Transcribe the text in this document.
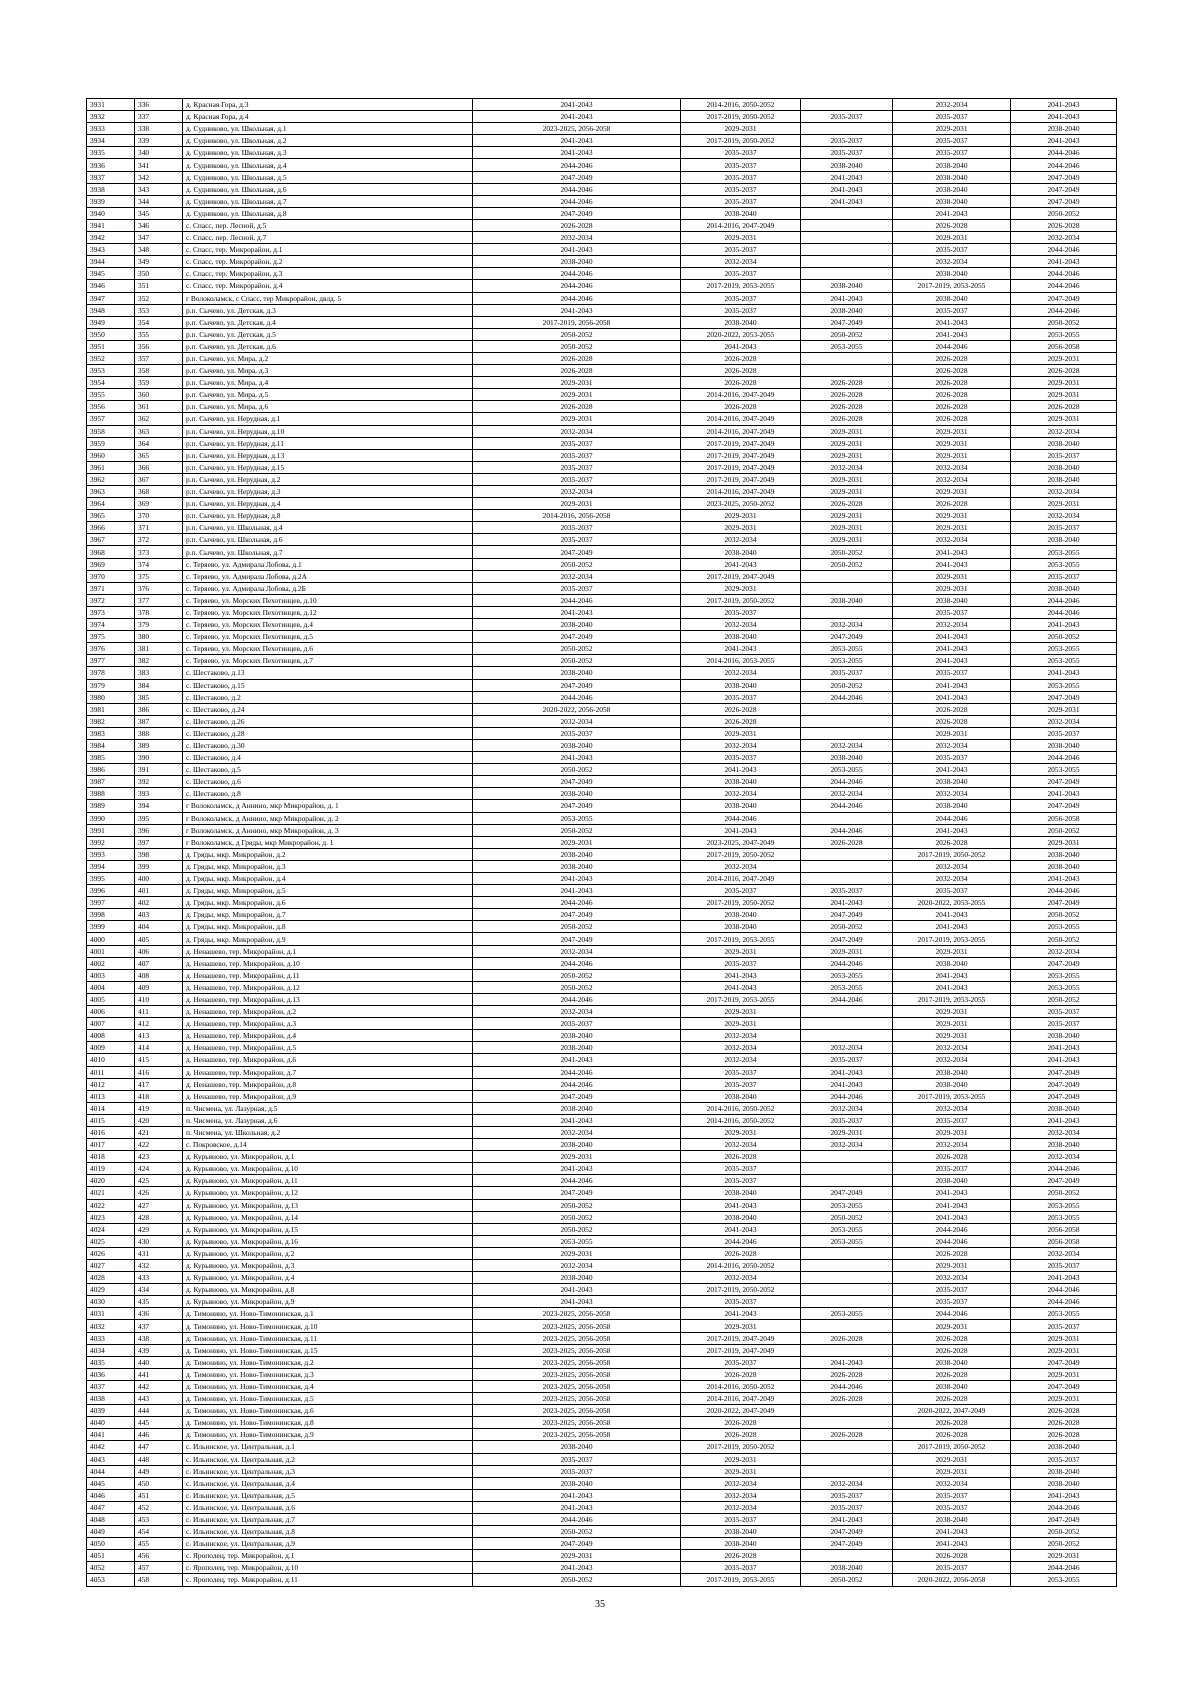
3931	336	д. Красная Гора, д.3	2041-2043	2014-2016, 2050-2052		2032-2034	2041-2043
3932	337	д. Красная Гора, д.4	2041-2043	2017-2019, 2050-2052	2035-2037	2035-2037	2041-2043
3933	338	д. Судниково, ул. Школьная, д.1	2023-2025, 2056-2058	2029-2031		2029-2031	2038-2040
3934	339	д. Судниково, ул. Школьная, д.2	2041-2043	2017-2019, 2050-2052	2035-2037	2035-2037	2041-2043
3935	340	д. Судниково, ул. Школьная, д.3	2041-2043	2035-2037	2035-2037	2035-2037	2044-2046
3936	341	д. Судниково, ул. Школьная, д.4	2044-2046	2035-2037	2038-2040	2038-2040	2044-2046
3937	342	д. Судниково, ул. Школьная, д.5	2047-2049	2035-2037	2041-2043	2038-2040	2047-2049
3938	343	д. Судниково, ул. Школьная, д.6	2044-2046	2035-2037	2041-2043	2038-2040	2047-2049
3939	344	д. Судниково, ул. Школьная, д.7	2044-2046	2035-2037	2041-2043	2038-2040	2047-2049
3940	345	д. Судниково, ул. Школьная, д.8	2047-2049	2038-2040		2041-2043	2050-2052
3941	346	с. Спасс, пер. Лесной, д.5	2026-2028	2014-2016, 2047-2049		2026-2028	2026-2028
3942	347	с. Спасс, пер. Лесной, д.7	2032-2034	2029-2031		2029-2031	2032-2034
3943	348	с. Спасс, тер. Микрорайон, д.1	2041-2043	2035-2037		2035-2037	2044-2046
3944	349	с. Спасс, тер. Микрорайон, д.2	2038-2040	2032-2034		2032-2034	2041-2043
3945	350	с. Спасс, тер. Микрорайон, д.3	2044-2046	2035-2037		2038-2040	2044-2046
3946	351	с. Спасс, тер. Микрорайон, д.4	2044-2046	2017-2019, 2053-2055	2038-2040	2017-2019, 2053-2055	2044-2046
3947	352	г Волоколамск, с Спасс, тер Микрорайон, двлд. 5	2044-2046	2035-2037	2041-2043	2038-2040	2047-2049
3948	353	р.п. Сычево, ул. Детская, д.3	2041-2043	2035-2037	2038-2040	2035-2037	2044-2046
3949	354	р.п. Сычево, ул. Детская, д.4	2017-2019, 2056-2058	2038-2040	2047-2049	2041-2043	2050-2052
3950	355	р.п. Сычево, ул. Детская, д.5	2050-2052	2020-2022, 2053-2055	2050-2052	2041-2043	2053-2055
3951	356	р.п. Сычево, ул. Детская, д.6	2050-2052	2041-2043	2053-2055	2044-2046	2056-2058
3952	357	р.п. Сычево, ул. Мира, д.2	2026-2028	2026-2028		2026-2028	2029-2031
3953	358	р.п. Сычево, ул. Мира, д.3	2026-2028	2026-2028		2026-2028	2026-2028
3954	359	р.п. Сычево, ул. Мира, д.4	2029-2031	2026-2028	2026-2028	2026-2028	2029-2031
3955	360	р.п. Сычево, ул. Мира, д.5	2029-2031	2014-2016, 2047-2049	2026-2028	2026-2028	2029-2031
3956	361	р.п. Сычево, ул. Мира, д.6	2026-2028	2026-2028	2026-2028	2026-2028	2026-2028
3957	362	р.п. Сычево, ул. Нерудная, д.1	2029-2031	2014-2016, 2047-2049	2026-2028	2026-2028	2029-2031
3958	363	р.п. Сычево, ул. Нерудная, д.10	2032-2034	2014-2016, 2047-2049	2029-2031	2029-2031	2032-2034
3959	364	р.п. Сычево, ул. Нерудная, д.11	2035-2037	2017-2019, 2047-2049	2029-2031	2029-2031	2038-2040
3960	365	р.п. Сычево, ул. Нерудная, д.13	2035-2037	2017-2019, 2047-2049	2029-2031	2029-2031	2035-2037
3961	366	р.п. Сычево, ул. Нерудная, д.15	2035-2037	2017-2019, 2047-2049	2032-2034	2032-2034	2038-2040
3962	367	р.п. Сычево, ул. Нерудная, д.2	2035-2037	2017-2019, 2047-2049	2029-2031	2032-2034	2038-2040
3963	368	р.п. Сычево, ул. Нерудная, д.3	2032-2034	2014-2016, 2047-2049	2029-2031	2029-2031	2032-2034
3964	369	р.п. Сычево, ул. Нерудная, д.4	2029-2031	2023-2025, 2050-2052	2026-2028	2026-2028	2029-2031
3965	370	р.п. Сычево, ул. Нерудная, д.8	2014-2016, 2056-2058	2029-2031	2029-2031	2029-2031	2032-2034
3966	371	р.п. Сычево, ул. Школьная, д.4	2035-2037	2029-2031	2029-2031	2029-2031	2035-2037
3967	372	р.п. Сычево, ул. Школьная, д.6	2035-2037	2032-2034	2029-2031	2032-2034	2038-2040
3968	373	р.п. Сычево, ул. Школьная, д.7	2047-2049	2038-2040	2050-2052	2041-2043	2053-2055
3969	374	с. Теряево, ул. Адмирала Лобова, д.1	2050-2052	2041-2043	2050-2052	2041-2043	2053-2055
3970	375	с. Теряево, ул. Адмирала Лобова, д.2А	2032-2034	2017-2019, 2047-2049		2029-2031	2035-2037
3971	376	с. Теряево, ул. Адмирала Лобова, д.2Б	2035-2037	2029-2031		2029-2031	2038-2040
3972	377	с. Теряево, ул. Морских Пехотинцев, д.10	2044-2046	2017-2019, 2050-2052	2038-2040	2038-2040	2044-2046
3973	378	с. Теряево, ул. Морских Пехотинцев, д.12	2041-2043	2035-2037		2035-2037	2044-2046
3974	379	с. Теряево, ул. Морских Пехотинцев, д.4	2038-2040	2032-2034	2032-2034	2032-2034	2041-2043
3975	380	с. Теряево, ул. Морских Пехотинцев, д.5	2047-2049	2038-2040	2047-2049	2041-2043	2050-2052
3976	381	с. Теряево, ул. Морских Пехотинцев, д.6	2050-2052	2041-2043	2053-2055	2041-2043	2053-2055
3977	382	с. Теряево, ул. Морских Пехотинцев, д.7	2050-2052	2014-2016, 2053-2055	2053-2055	2041-2043	2053-2055
3978	383	с. Шестаково, д.13	2038-2040	2032-2034	2035-2037	2035-2037	2041-2043
3979	384	с. Шестаково, д.15	2047-2049	2038-2040	2050-2052	2041-2043	2053-2055
3980	385	с. Шестаково, д.2	2044-2046	2035-2037	2044-2046	2041-2043	2047-2049
3981	386	с. Шестаково, д.24	2020-2022, 2056-2058	2026-2028		2026-2028	2029-2031
3982	387	с. Шестаково, д.26	2032-2034	2026-2028		2026-2028	2032-2034
3983	388	с. Шестаково, д.28	2035-2037	2029-2031		2029-2031	2035-2037
3984	389	с. Шестаково, д.30	2038-2040	2032-2034	2032-2034	2032-2034	2038-2040
3985	390	с. Шестаково, д.4	2041-2043	2035-2037	2038-2040	2035-2037	2044-2046
3986	391	с. Шестаково, д.5	2050-2052	2041-2043	2053-2055	2041-2043	2053-2055
3987	392	с. Шестаково, д.6	2047-2049	2038-2040	2044-2046	2038-2040	2047-2049
3988	393	с. Шестаково, д.8	2038-2040	2032-2034	2032-2034	2032-2034	2041-2043
3989	394	г Волоколамск, д Аннино, мкр Микрорайон, д. 1	2047-2049	2038-2040	2044-2046	2038-2040	2047-2049
3990	395	г Волоколамск, д Аннино, мкр Микрорайон, д. 2	2053-2055	2044-2046		2044-2046	2056-2058
3991	396	г Волоколамск, д Аннино, мкр Микрорайон, д. 3	2050-2052	2041-2043	2044-2046	2041-2043	2050-2052
3992	397	г Волоколамск, д Гряды, мкр Микрорайон, д. 1	2029-2031	2023-2025, 2047-2049	2026-2028	2026-2028	2029-2031
3993	398	д. Гряды, мкр. Микрорайон, д.2	2038-2040	2017-2019, 2050-2052		2017-2019, 2050-2052	2038-2040
3994	399	д. Гряды, мкр. Микрорайон, д.3	2038-2040	2032-2034		2032-2034	2038-2040
3995	400	д. Гряды, мкр. Микрорайон, д.4	2041-2043	2014-2016, 2047-2049		2032-2034	2041-2043
3996	401	д. Гряды, мкр. Микрорайон, д.5	2041-2043	2035-2037	2035-2037	2035-2037	2044-2046
3997	402	д. Гряды, мкр. Микрорайон, д.6	2044-2046	2017-2019, 2050-2052	2041-2043	2020-2022, 2053-2055	2047-2049
3998	403	д. Гряды, мкр. Микрорайон, д.7	2047-2049	2038-2040	2047-2049	2041-2043	2050-2052
3999	404	д. Гряды, мкр. Микрорайон, д.8	2050-2052	2038-2040	2050-2052	2041-2043	2053-2055
4000	405	д. Гряды, мкр. Микрорайон, д.9	2047-2049	2017-2019, 2053-2055	2047-2049	2017-2019, 2053-2055	2050-2052
4001	406	д. Ненашево, тер. Микрорайон, д.1	2032-2034	2029-2031	2029-2031	2029-2031	2032-2034
4002	407	д. Ненашево, тер. Микрорайон, д.10	2044-2046	2035-2037	2044-2046	2038-2040	2047-2049
4003	408	д. Ненашево, тер. Микрорайон, д.11	2050-2052	2041-2043	2053-2055	2041-2043	2053-2055
4004	409	д. Ненашево, тер. Микрорайон, д.12	2050-2052	2041-2043	2053-2055	2041-2043	2053-2055
4005	410	д. Ненашево, тер. Микрорайон, д.13	2044-2046	2017-2019, 2053-2055	2044-2046	2017-2019, 2053-2055	2050-2052
4006	411	д. Ненашево, тер. Микрорайон, д.2	2032-2034	2029-2031		2029-2031	2035-2037
4007	412	д. Ненашево, тер. Микрорайон, д.3	2035-2037	2029-2031		2029-2031	2035-2037
4008	413	д. Ненашево, тер. Микрорайон, д.4	2038-2040	2032-2034		2029-2031	2038-2040
4009	414	д. Ненашево, тер. Микрорайон, д.5	2038-2040	2032-2034	2032-2034	2032-2034	2041-2043
4010	415	д. Ненашево, тер. Микрорайон, д.6	2041-2043	2032-2034	2035-2037	2032-2034	2041-2043
4011	416	д. Ненашево, тер. Микрорайон, д.7	2044-2046	2035-2037	2041-2043	2038-2040	2047-2049
4012	417	д. Ненашево, тер. Микрорайон, д.8	2044-2046	2035-2037	2041-2043	2038-2040	2047-2049
4013	418	д. Ненашево, тер. Микрорайон, д.9	2047-2049	2038-2040	2044-2046	2017-2019, 2053-2055	2047-2049
4014	419	п. Чисмена, ул. Лазурная, д.5	2038-2040	2014-2016, 2050-2052	2032-2034	2032-2034	2038-2040
4015	420	п. Чисмена, ул. Лазурная, д.6	2041-2043	2014-2016, 2050-2052	2035-2037	2035-2037	2041-2043
4016	421	п. Чисмена, ул. Школьная, д.2	2032-2034	2029-2031	2029-2031	2029-2031	2032-2034
4017	422	с. Покровское, д.14	2038-2040	2032-2034	2032-2034	2032-2034	2038-2040
4018	423	д. Курьяново, ул. Микрорайон, д.1	2029-2031	2026-2028		2026-2028	2032-2034
4019	424	д. Курьяново, ул. Микрорайон, д.10	2041-2043	2035-2037		2035-2037	2044-2046
4020	425	д. Курьяново, ул. Микрорайон, д.11	2044-2046	2035-2037		2038-2040	2047-2049
4021	426	д. Курьяново, ул. Микрорайон, д.12	2047-2049	2038-2040	2047-2049	2041-2043	2050-2052
4022	427	д. Курьяново, ул. Микрорайон, д.13	2050-2052	2041-2043	2053-2055	2041-2043	2053-2055
4023	428	д. Курьяново, ул. Микрорайон, д.14	2050-2052	2038-2040	2050-2052	2041-2043	2053-2055
4024	429	д. Курьяново, ул. Микрорайон, д.15	2050-2052	2041-2043	2053-2055	2044-2046	2056-2058
4025	430	д. Курьяново, ул. Микрорайон, д.16	2053-2055	2044-2046	2053-2055	2044-2046	2056-2058
4026	431	д. Курьяново, ул. Микрорайон, д.2	2029-2031	2026-2028		2026-2028	2032-2034
4027	432	д. Курьяново, ул. Микрорайон, д.3	2032-2034	2014-2016, 2050-2052		2029-2031	2035-2037
4028	433	д. Курьяново, ул. Микрорайон, д.4	2038-2040	2032-2034		2032-2034	2041-2043
4029	434	д. Курьяново, ул. Микрорайон, д.8	2041-2043	2017-2019, 2050-2052		2035-2037	2044-2046
4030	435	д. Курьяново, ул. Микрорайон, д.9	2041-2043	2035-2037		2035-2037	2044-2046
4031	436	д. Тимонино, ул. Ново-Тимонинская, д.1	2023-2025, 2056-2058	2041-2043	2053-2055	2044-2046	2053-2055
4032	437	д. Тимонино, ул. Ново-Тимонинская, д.10	2023-2025, 2056-2058	2029-2031		2029-2031	2035-2037
4033	438	д. Тимонино, ул. Ново-Тимонинская, д.11	2023-2025, 2056-2058	2017-2019, 2047-2049	2026-2028	2026-2028	2029-2031
4034	439	д. Тимонино, ул. Ново-Тимонинская, д.15	2023-2025, 2056-2058	2017-2019, 2047-2049		2026-2028	2029-2031
4035	440	д. Тимонино, ул. Ново-Тимонинская, д.2	2023-2025, 2056-2058	2035-2037	2041-2043	2038-2040	2047-2049
4036	441	д. Тимонино, ул. Ново-Тимонинская, д.3	2023-2025, 2056-2058	2026-2028	2026-2028	2026-2028	2029-2031
4037	442	д. Тимонино, ул. Ново-Тимонинская, д.4	2023-2025, 2056-2058	2014-2016, 2050-2052	2044-2046	2038-2040	2047-2049
4038	443	д. Тимонино, ул. Ново-Тимонинская, д.5	2023-2025, 2056-2058	2014-2016, 2047-2049	2026-2028	2026-2028	2029-2031
4039	444	д. Тимонино, ул. Ново-Тимонинская, д.6	2023-2025, 2056-2058	2020-2022, 2047-2049		2020-2022, 2047-2049	2026-2028
4040	445	д. Тимонино, ул. Ново-Тимонинская, д.8	2023-2025, 2056-2058	2026-2028		2026-2028	2026-2028
4041	446	д. Тимонино, ул. Ново-Тимонинская, д.9	2023-2025, 2056-2058	2026-2028	2026-2028	2026-2028	2026-2028
4042	447	с. Ильинское, ул. Центральная, д.1	2038-2040	2017-2019, 2050-2052		2017-2019, 2050-2052	2038-2040
4043	448	с. Ильинское, ул. Центральная, д.2	2035-2037	2029-2031		2029-2031	2035-2037
4044	449	с. Ильинское, ул. Центральная, д.3	2035-2037	2029-2031		2029-2031	2038-2040
4045	450	с. Ильинское, ул. Центральная, д.4	2038-2040	2032-2034	2032-2034	2032-2034	2038-2040
4046	451	с. Ильинское, ул. Центральная, д.5	2041-2043	2032-2034	2035-2037	2035-2037	2041-2043
4047	452	с. Ильинское, ул. Центральная, д.6	2041-2043	2032-2034	2035-2037	2035-2037	2044-2046
4048	453	с. Ильинское, ул. Центральная, д.7	2044-2046	2035-2037	2041-2043	2038-2040	2047-2049
4049	454	с. Ильинское, ул. Центральная, д.8	2050-2052	2038-2040	2047-2049	2041-2043	2050-2052
4050	455	с. Ильинское, ул. Центральная, д.9	2047-2049	2038-2040	2047-2049	2041-2043	2050-2052
4051	456	с. Ярополец, тер. Микрорайон, д.1	2029-2031	2026-2028		2026-2028	2029-2031
4052	457	с. Ярополец, тер. Микрорайон, д.10	2041-2043	2035-2037	2038-2040	2035-2037	2044-2046
4053	458	с. Ярополец, тер. Микрорайон, д.11	2050-2052	2017-2019, 2053-2055	2050-2052	2020-2022, 2056-2058	2053-2055
35
